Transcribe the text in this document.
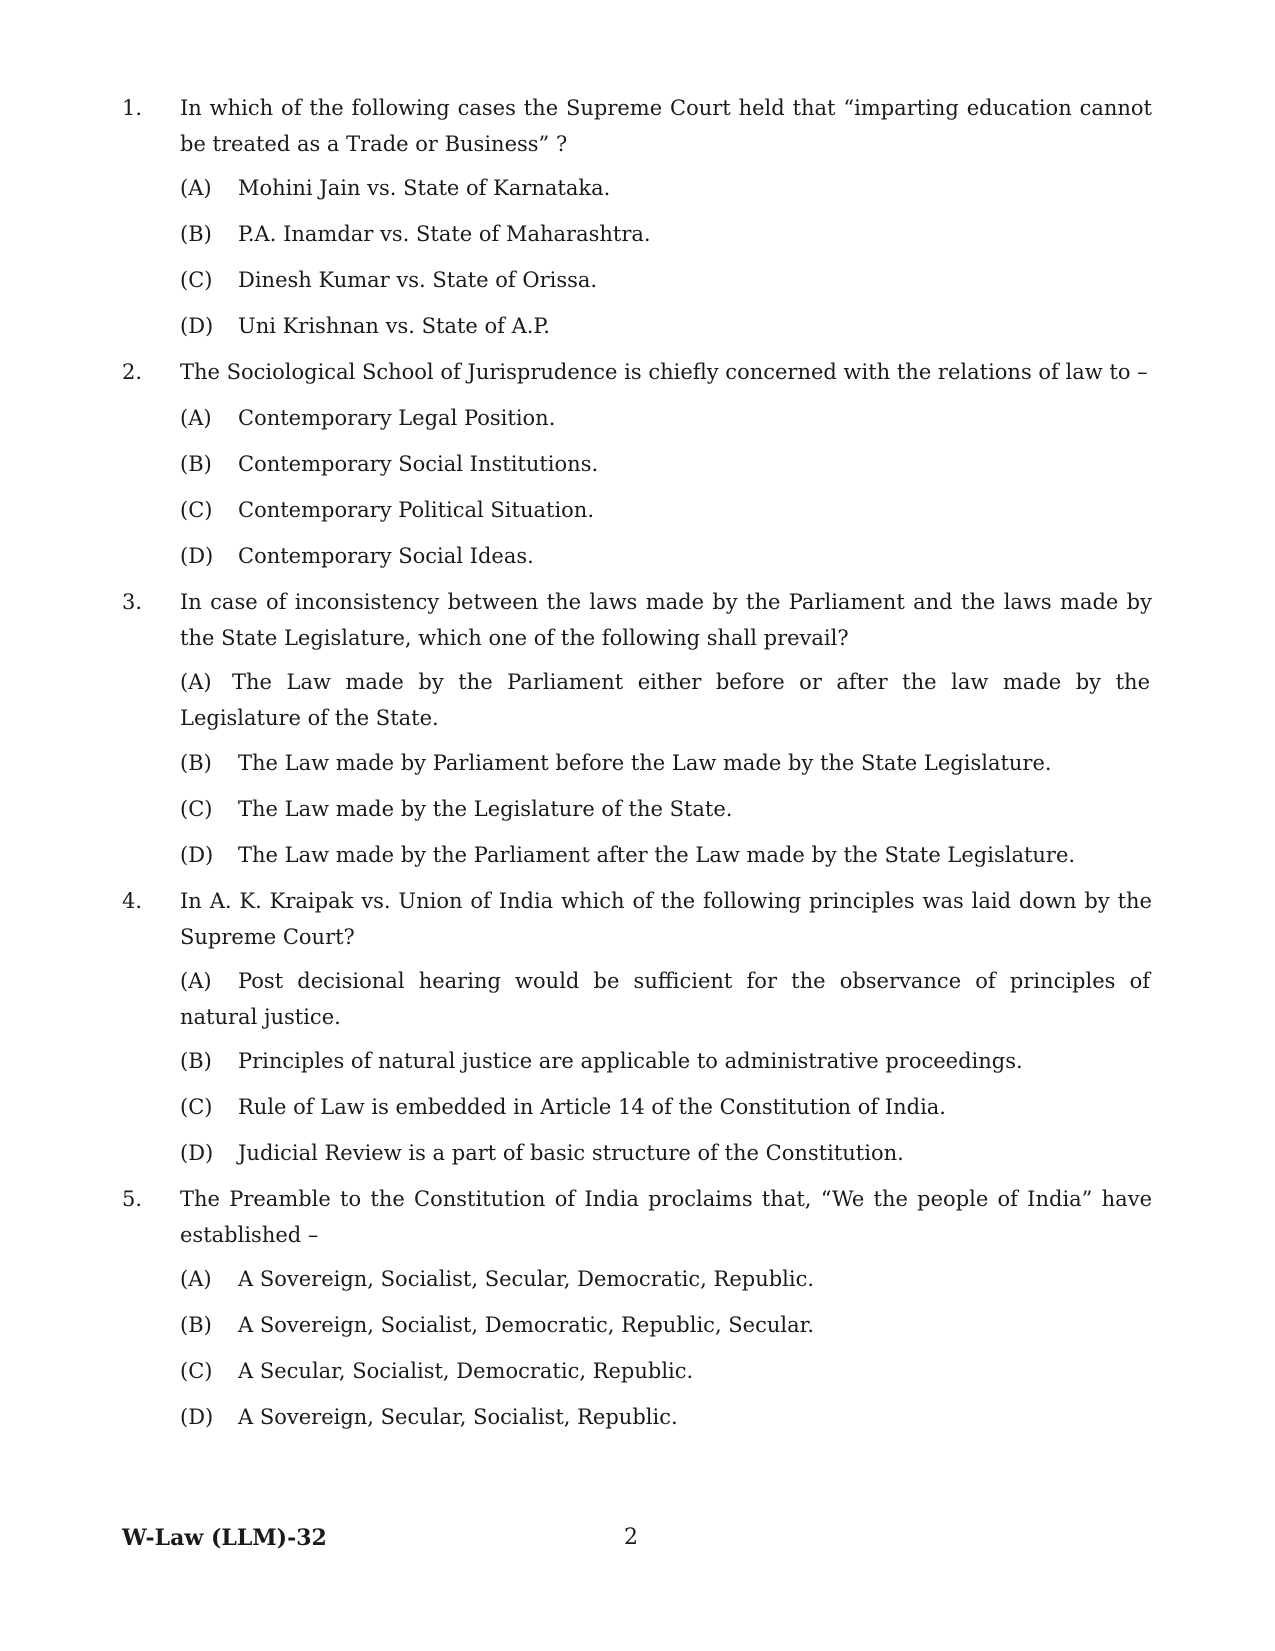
1. In which of the following cases the Supreme Court held that “imparting education cannot be treated as a Trade or Business” ?
(A) Mohini Jain vs. State of Karnataka.
(B) P.A. Inamdar vs. State of Maharashtra.
(C) Dinesh Kumar vs. State of Orissa.
(D) Uni Krishnan vs. State of A.P.
2. The Sociological School of Jurisprudence is chiefly concerned with the relations of law to –
(A) Contemporary Legal Position.
(B) Contemporary Social Institutions.
(C) Contemporary Political Situation.
(D) Contemporary Social Ideas.
3. In case of inconsistency between the laws made by the Parliament and the laws made by the State Legislature, which one of the following shall prevail?
(A) The Law made by the Parliament either before or after the law made by the Legislature of the State.
(B) The Law made by Parliament before the Law made by the State Legislature.
(C) The Law made by the Legislature of the State.
(D) The Law made by the Parliament after the Law made by the State Legislature.
4. In A. K. Kraipak vs. Union of India which of the following principles was laid down by the Supreme Court?
(A) Post decisional hearing would be sufficient for the observance of principles of natural justice.
(B) Principles of natural justice are applicable to administrative proceedings.
(C) Rule of Law is embedded in Article 14 of the Constitution of India.
(D) Judicial Review is a part of basic structure of the Constitution.
5. The Preamble to the Constitution of India proclaims that, “We the people of India” have established –
(A) A Sovereign, Socialist, Secular, Democratic, Republic.
(B) A Sovereign, Socialist, Democratic, Republic, Secular.
(C) A Secular, Socialist, Democratic, Republic.
(D) A Sovereign, Secular, Socialist, Republic.
W-Law (LLM)-32	2
